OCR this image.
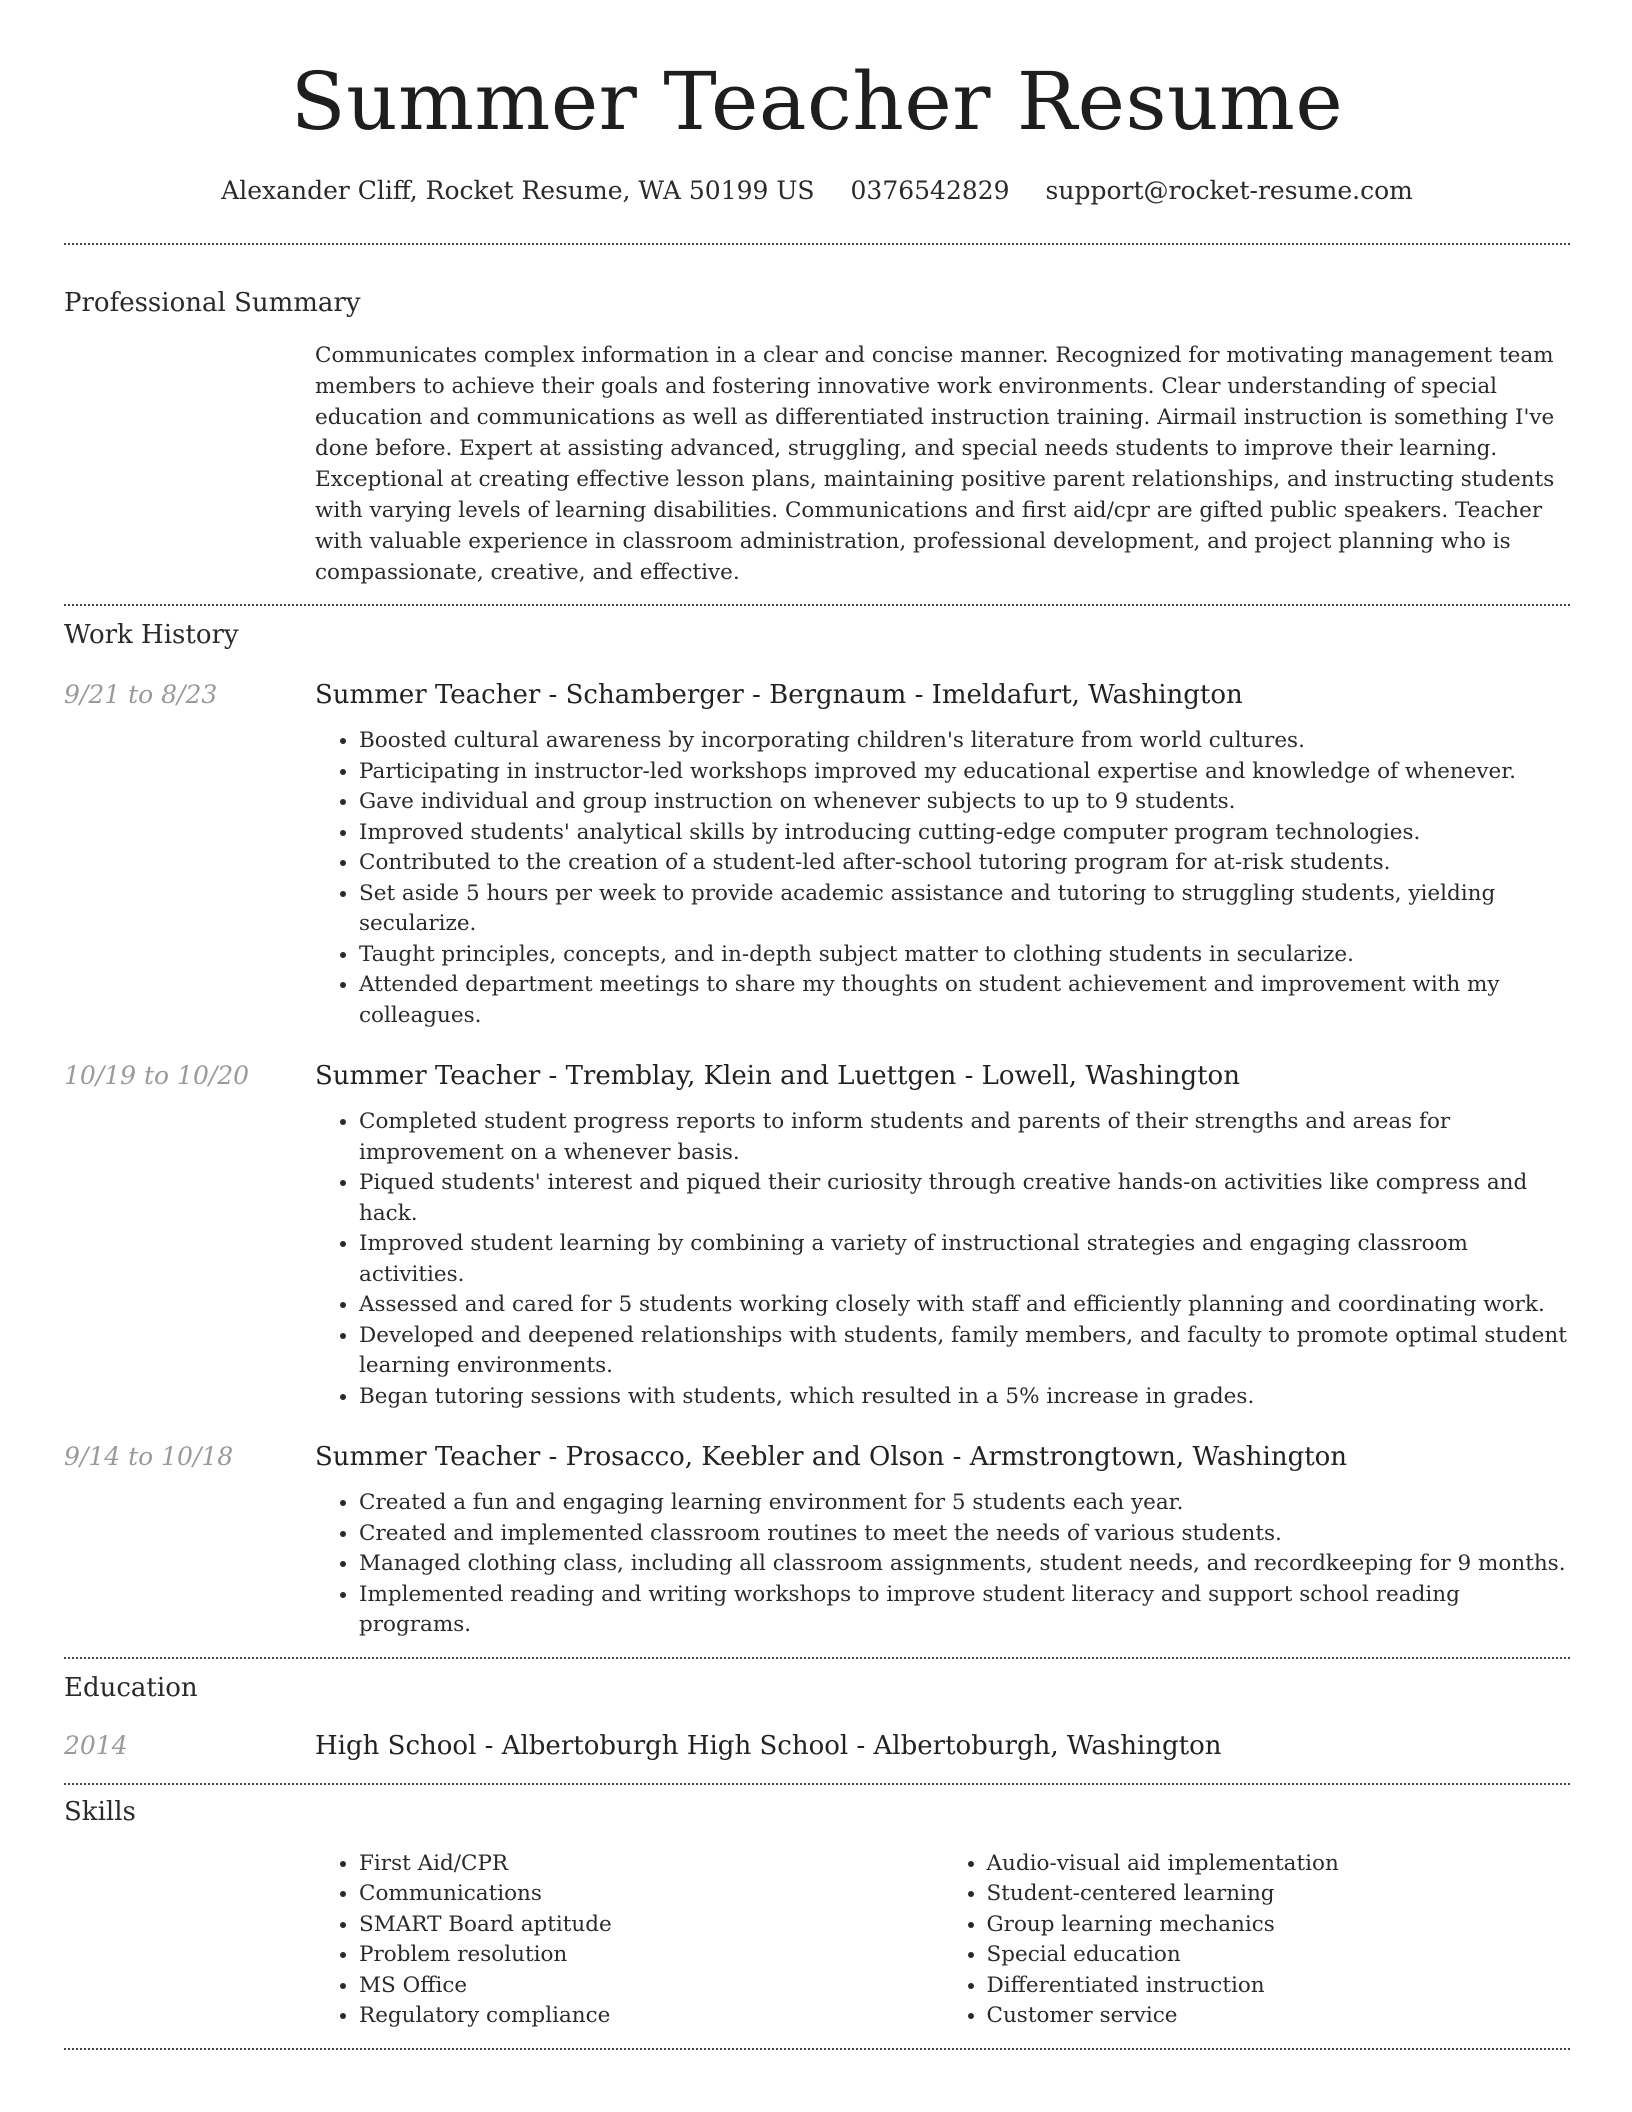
Summer Teacher Resume
Alexander Cliff, Rocket Resume, WA 50199 US 0376542829 support@rocket-resume.com
Professional Summary

Communicates complex information in a clear and concise manner. Recognized for motivating management team members to achieve their goals and fostering innovative work environments. Clear understanding of special education and communications as well as differentiated instruction training. Airmail instruction is something I've done before. Expert at assisting advanced, struggling, and special needs students to improve their learning. Exceptional at creating effective lesson plans, maintaining positive parent relationships, and instructing students with varying levels of learning disabilities. Communications and first aid/cpr are gifted public speakers. Teacher with valuable experience in classroom administration, professional development, and project planning who is compassionate, creative, and effective.

Work History
9/21 to 8/23	Summer Teacher - Schamberger - Bergnaum - Imeldafurt, Washington
• Boosted cultural awareness by incorporating children's literature from world cultures.
• Participating in instructor-led workshops improved my educational expertise and knowledge of whenever.
• Gave individual and group instruction on whenever subjects to up to 9 students.
• Improved students' analytical skills by introducing cutting-edge computer program technologies.
• Contributed to the creation of a student-led after-school tutoring program for at-risk students.
• Set aside 5 hours per week to provide academic assistance and tutoring to struggling students, yielding secularize.
• Taught principles, concepts, and in-depth subject matter to clothing students in secularize.
• Attended department meetings to share my thoughts on student achievement and improvement with my colleagues.
10/19 to 10/20	Summer Teacher - Tremblay, Klein and Luettgen - Lowell, Washington
• Completed student progress reports to inform students and parents of their strengths and areas for improvement on a whenever basis.
• Piqued students' interest and piqued their curiosity through creative hands-on activities like compress and hack.
• Improved student learning by combining a variety of instructional strategies and engaging classroom activities.
• Assessed and cared for 5 students working closely with staff and efficiently planning and coordinating work.
• Developed and deepened relationships with students, family members, and faculty to promote optimal student learning environments.
• Began tutoring sessions with students, which resulted in a 5% increase in grades.
9/14 to 10/18	Summer Teacher - Prosacco, Keebler and Olson - Armstrongtown, Washington
• Created a fun and engaging learning environment for 5 students each year.
• Created and implemented classroom routines to meet the needs of various students.
• Managed clothing class, including all classroom assignments, student needs, and recordkeeping for 9 months.
• Implemented reading and writing workshops to improve student literacy and support school reading programs.
Education
2014	High School - Albertoburgh High School - Albertoburgh, Washington
Skills
• First Aid/CPR
• Communications
• SMART Board aptitude
• Problem resolution
• MS Office
• Regulatory compliance
• Audio-visual aid implementation
• Student-centered learning
• Group learning mechanics
• Special education
• Differentiated instruction
• Customer service
